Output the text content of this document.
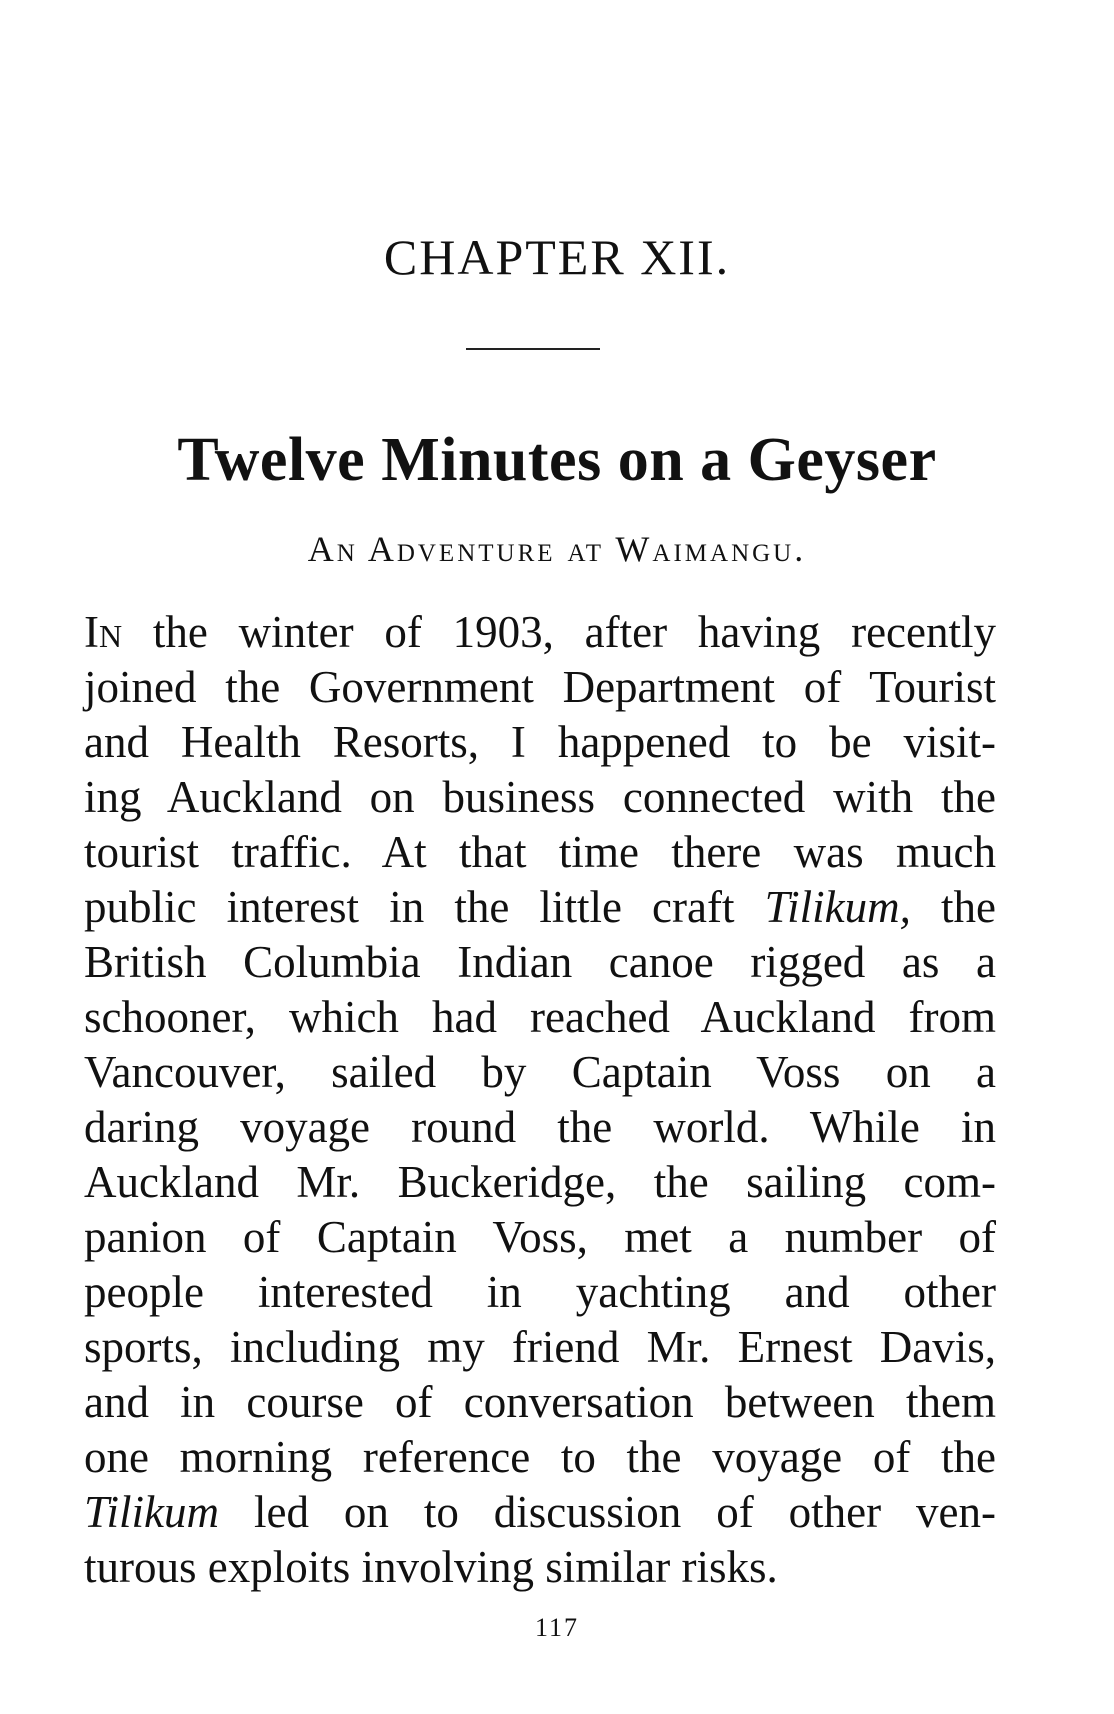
CHAPTER XII.
Twelve Minutes on a Geyser
An Adventure at Waimangu.
In the winter of 1903, after having recently
joined the Government Department of Tourist
and Health Resorts, I happened to be visit-
ing Auckland on business connected with the
tourist traffic. At that time there was much
public interest in the little craft Tilikum, the
British Columbia Indian canoe rigged as a
schooner, which had reached Auckland from
Vancouver, sailed by Captain Voss on a
daring voyage round the world. While in
Auckland Mr. Buckeridge, the sailing com-
panion of Captain Voss, met a number of
people interested in yachting and other
sports, including my friend Mr. Ernest Davis,
and in course of conversation between them
one morning reference to the voyage of the
Tilikum led on to discussion of other ven-
turous exploits involving similar risks.
117
